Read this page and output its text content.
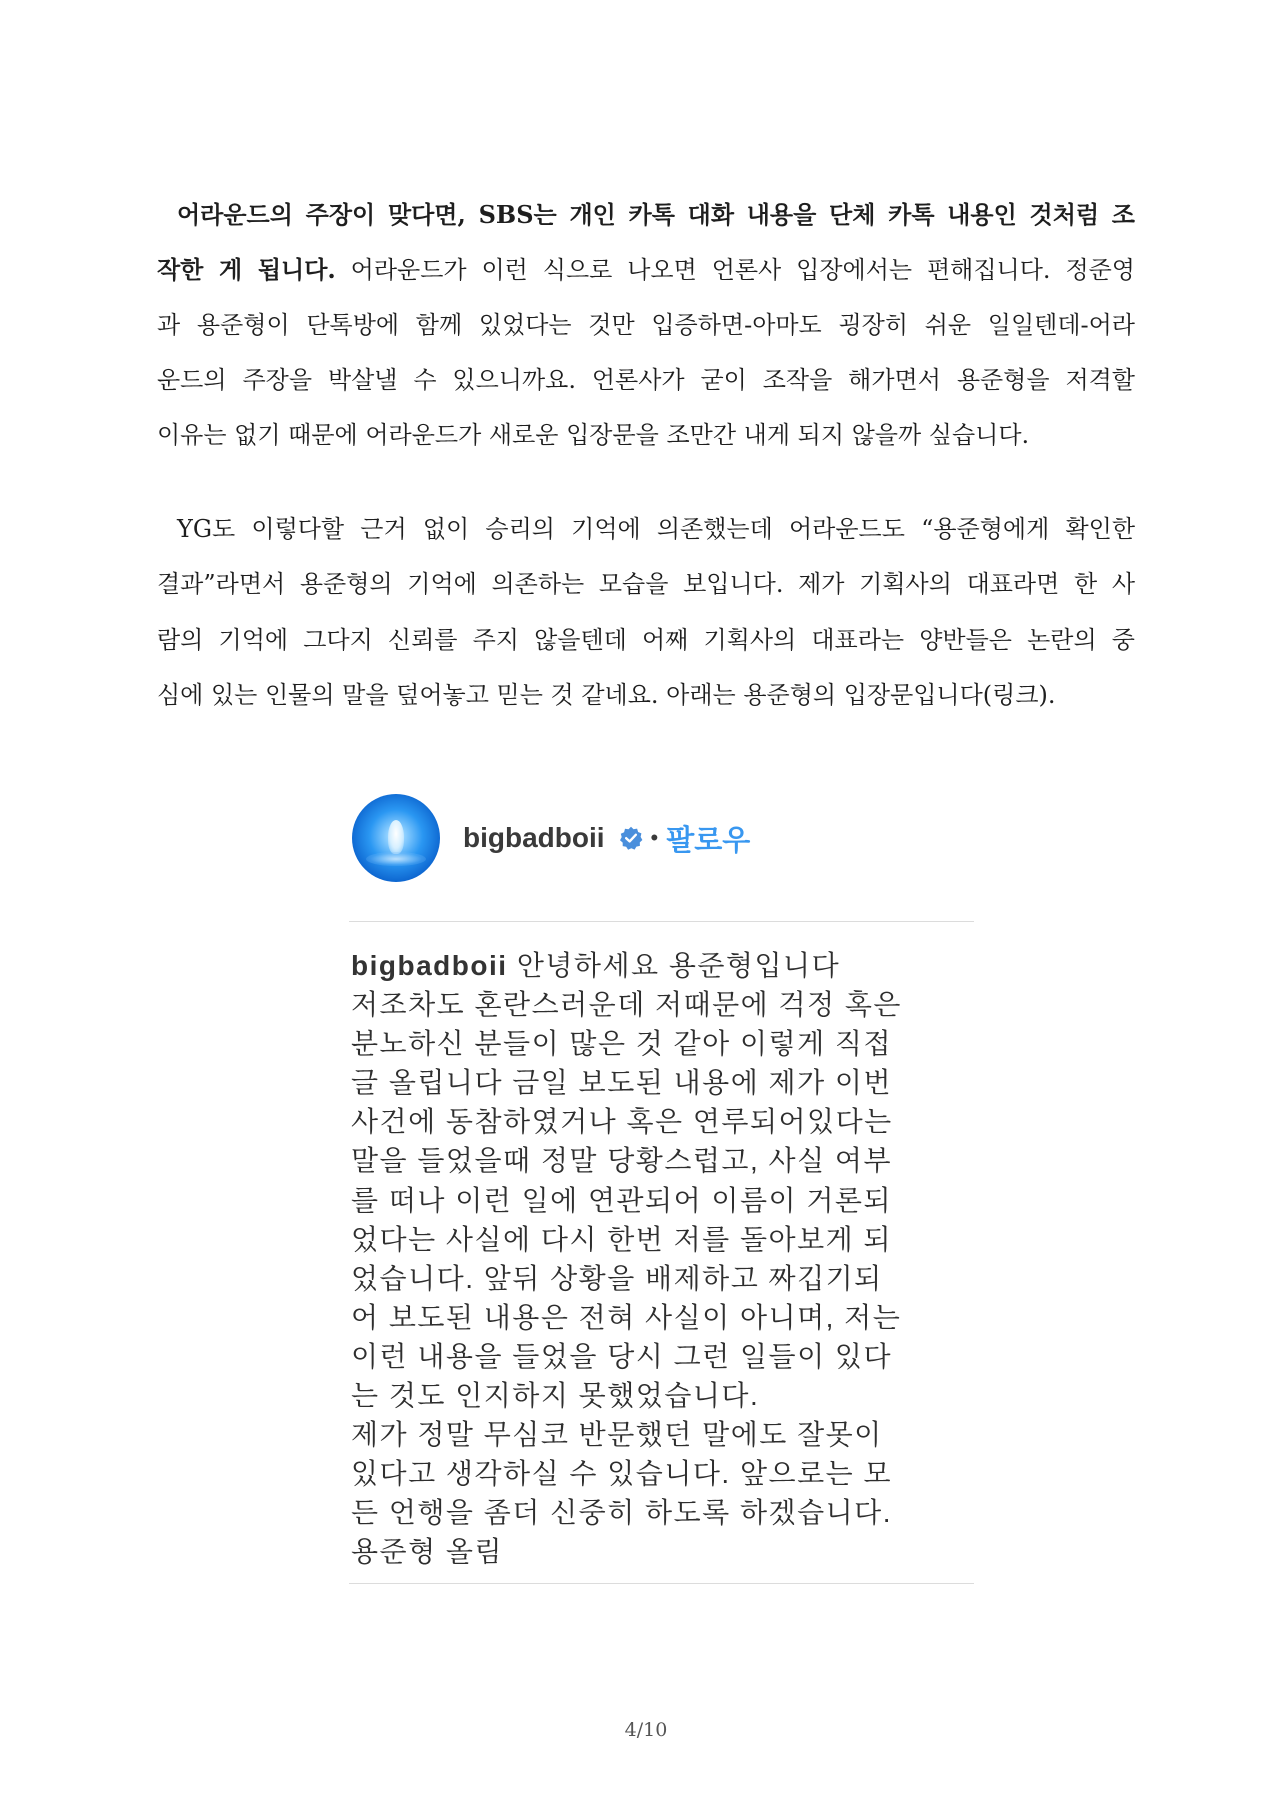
어라운드의 주장이 맞다면, SBS는 개인 카톡 대화 내용을 단체 카톡 내용인 것처럼 조
작한 게 됩니다. 어라운드가 이런 식으로 나오면 언론사 입장에서는 편해집니다. 정준영
과 용준형이 단톡방에 함께 있었다는 것만 입증하면-아마도 굉장히 쉬운 일일텐데-어라
운드의 주장을 박살낼 수 있으니까요. 언론사가 굳이 조작을 해가면서 용준형을 저격할
이유는 없기 때문에 어라운드가 새로운 입장문을 조만간 내게 되지 않을까 싶습니다.
YG도 이렇다할 근거 없이 승리의 기억에 의존했는데 어라운드도 “용준형에게 확인한
결과”라면서 용준형의 기억에 의존하는 모습을 보입니다. 제가 기획사의 대표라면 한 사
람의 기억에 그다지 신뢰를 주지 않을텐데 어째 기획사의 대표라는 양반들은 논란의 중
심에 있는 인물의 말을 덮어놓고 믿는 것 같네요. 아래는 용준형의 입장문입니다(링크).
bigbadboii • 팔로우
bigbadboii 안녕하세요 용준형입니다
저조차도 혼란스러운데 저때문에 걱정 혹은
분노하신 분들이 많은 것 같아 이렇게 직접
글 올립니다 금일 보도된 내용에 제가 이번
사건에 동참하였거나 혹은 연루되어있다는
말을 들었을때 정말 당황스럽고, 사실 여부
를 떠나 이런 일에 연관되어 이름이 거론되
었다는 사실에 다시 한번 저를 돌아보게 되
었습니다. 앞뒤 상황을 배제하고 짜깁기되
어 보도된 내용은 전혀 사실이 아니며, 저는
이런 내용을 들었을 당시 그런 일들이 있다
는 것도 인지하지 못했었습니다.
제가 정말 무심코 반문했던 말에도 잘못이
있다고 생각하실 수 있습니다. 앞으로는 모
든 언행을 좀더 신중히 하도록 하겠습니다.
용준형 올림
4/10
